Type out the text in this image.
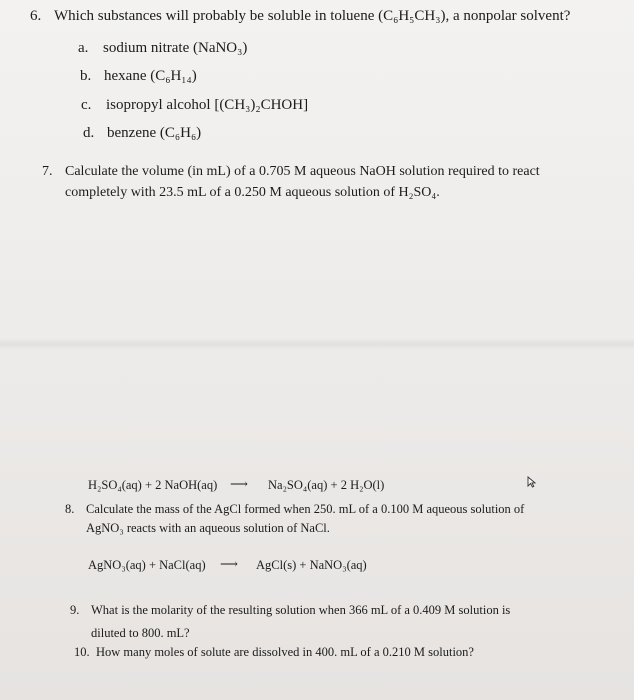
6. Which substances will probably be soluble in toluene (C₆H₅CH₃), a nonpolar solvent?
a. sodium nitrate (NaNO₃)
b. hexane (C₆H₁₄)
c. isopropyl alcohol [(CH₃)₂CHOH]
d. benzene (C₆H₆)
7. Calculate the volume (in mL) of a 0.705 M aqueous NaOH solution required to react
completely with 23.5 mL of a 0.250 M aqueous solution of H₂SO₄.
H₂SO₄(aq) + 2 NaOH(aq) ⟶ Na₂SO₄(aq) + 2 H₂O(l)
8. Calculate the mass of the AgCl formed when 250. mL of a 0.100 M aqueous solution of
AgNO₃ reacts with an aqueous solution of NaCl.
AgNO₃(aq) + NaCl(aq) ⟶ AgCl(s) + NaNO₃(aq)
9. What is the molarity of the resulting solution when 366 mL of a 0.409 M solution is
diluted to 800. mL?
10. How many moles of solute are dissolved in 400. mL of a 0.210 M solution?
